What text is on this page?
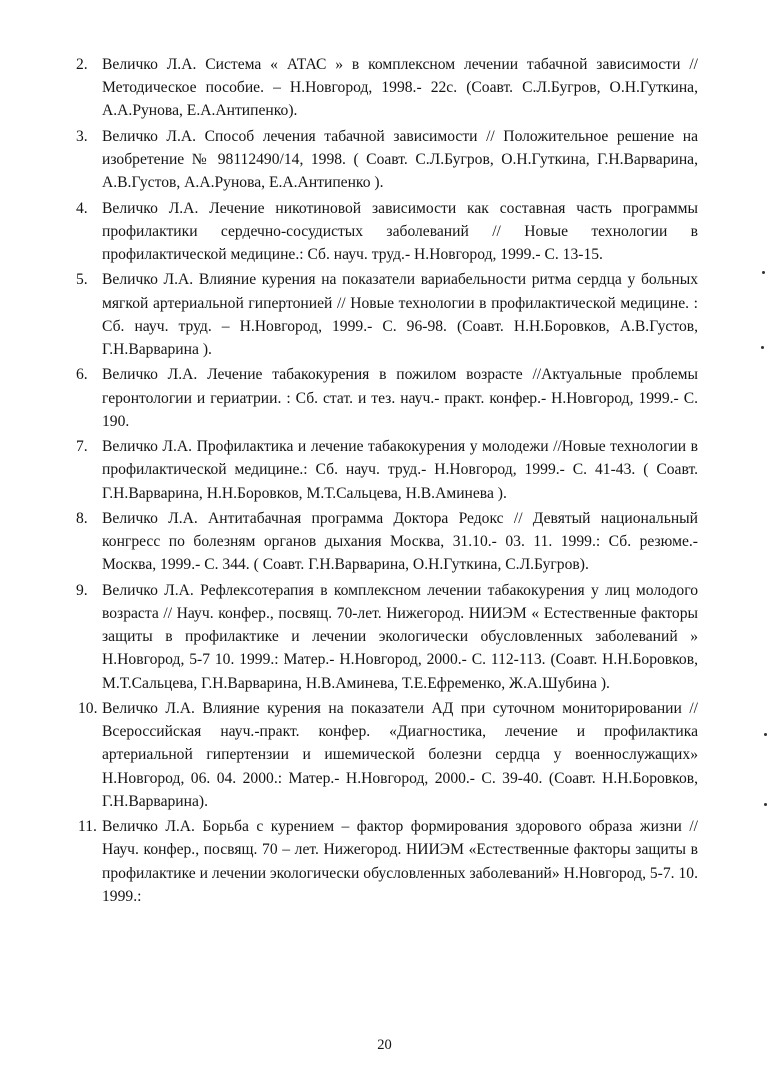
2. Величко Л.А. Система « АТАС » в комплексном лечении табачной зависимости // Методическое пособие. – Н.Новгород, 1998.- 22с. (Соавт. С.Л.Бугров, О.Н.Гуткина, А.А.Рунова, Е.А.Антипенко).
3. Величко Л.А. Способ лечения табачной зависимости // Положительное решение на изобретение № 98112490/14, 1998. ( Соавт. С.Л.Бугров, О.Н.Гуткина, Г.Н.Варварина, А.В.Густов, А.А.Рунова, Е.А.Антипенко ).
4. Величко Л.А. Лечение никотиновой зависимости как составная часть программы профилактики сердечно-сосудистых заболеваний // Новые технологии в профилактической медицине.: Сб. науч. труд.- Н.Новгород, 1999.- С. 13-15.
5. Величко Л.А. Влияние курения на показатели вариабельности ритма сердца у больных мягкой артериальной гипертонией // Новые технологии в профилактической медицине. : Сб. науч. труд. – Н.Новгород, 1999.- С. 96-98. (Соавт. Н.Н.Боровков, А.В.Густов, Г.Н.Варварина ).
6. Величко Л.А. Лечение табакокурения в пожилом возрасте //Актуальные проблемы геронтологии и гериатрии. : Сб. стат. и тез. науч.- практ. конфер.- Н.Новгород, 1999.- С. 190.
7. Величко Л.А. Профилактика и лечение табакокурения у молодежи //Новые технологии в профилактической медицине.: Сб. науч. труд.- Н.Новгород, 1999.- С. 41-43. ( Соавт. Г.Н.Варварина, Н.Н.Боровков, М.Т.Сальцева, Н.В.Аминева ).
8. Величко Л.А. Антитабачная программа Доктора Редокс // Девятый национальный конгресс по болезням органов дыхания Москва, 31.10.- 03. 11. 1999.: Сб. резюме.- Москва, 1999.- С. 344. ( Соавт. Г.Н.Варварина, О.Н.Гуткина, С.Л.Бугров).
9. Величко Л.А. Рефлексотерапия в комплексном лечении табакокурения у лиц молодого возраста // Науч. конфер., посвящ. 70-лет. Нижегород. НИИЭМ « Естественные факторы защиты в профилактике и лечении экологически обусловленных заболеваний » Н.Новгород, 5-7 10. 1999.: Матер.- Н.Новгород, 2000.- С. 112-113. (Соавт. Н.Н.Боровков, М.Т.Сальцева, Г.Н.Варварина, Н.В.Аминева, Т.Е.Ефременко, Ж.А.Шубина ).
10. Величко Л.А. Влияние курения на показатели АД при суточном мониторировании // Всероссийская науч.-практ. конфер. «Диагностика, лечение и профилактика артериальной гипертензии и ишемической болезни сердца у военнослужащих» Н.Новгород, 06. 04. 2000.: Матер.- Н.Новгород, 2000.- С. 39-40. (Соавт. Н.Н.Боровков, Г.Н.Варварина).
11. Величко Л.А. Борьба с курением – фактор формирования здорового образа жизни // Науч. конфер., посвящ. 70 – лет. Нижегород. НИИЭМ «Естественные факторы защиты в профилактике и лечении экологически обусловленных заболеваний» Н.Новгород, 5-7. 10. 1999.:
20
